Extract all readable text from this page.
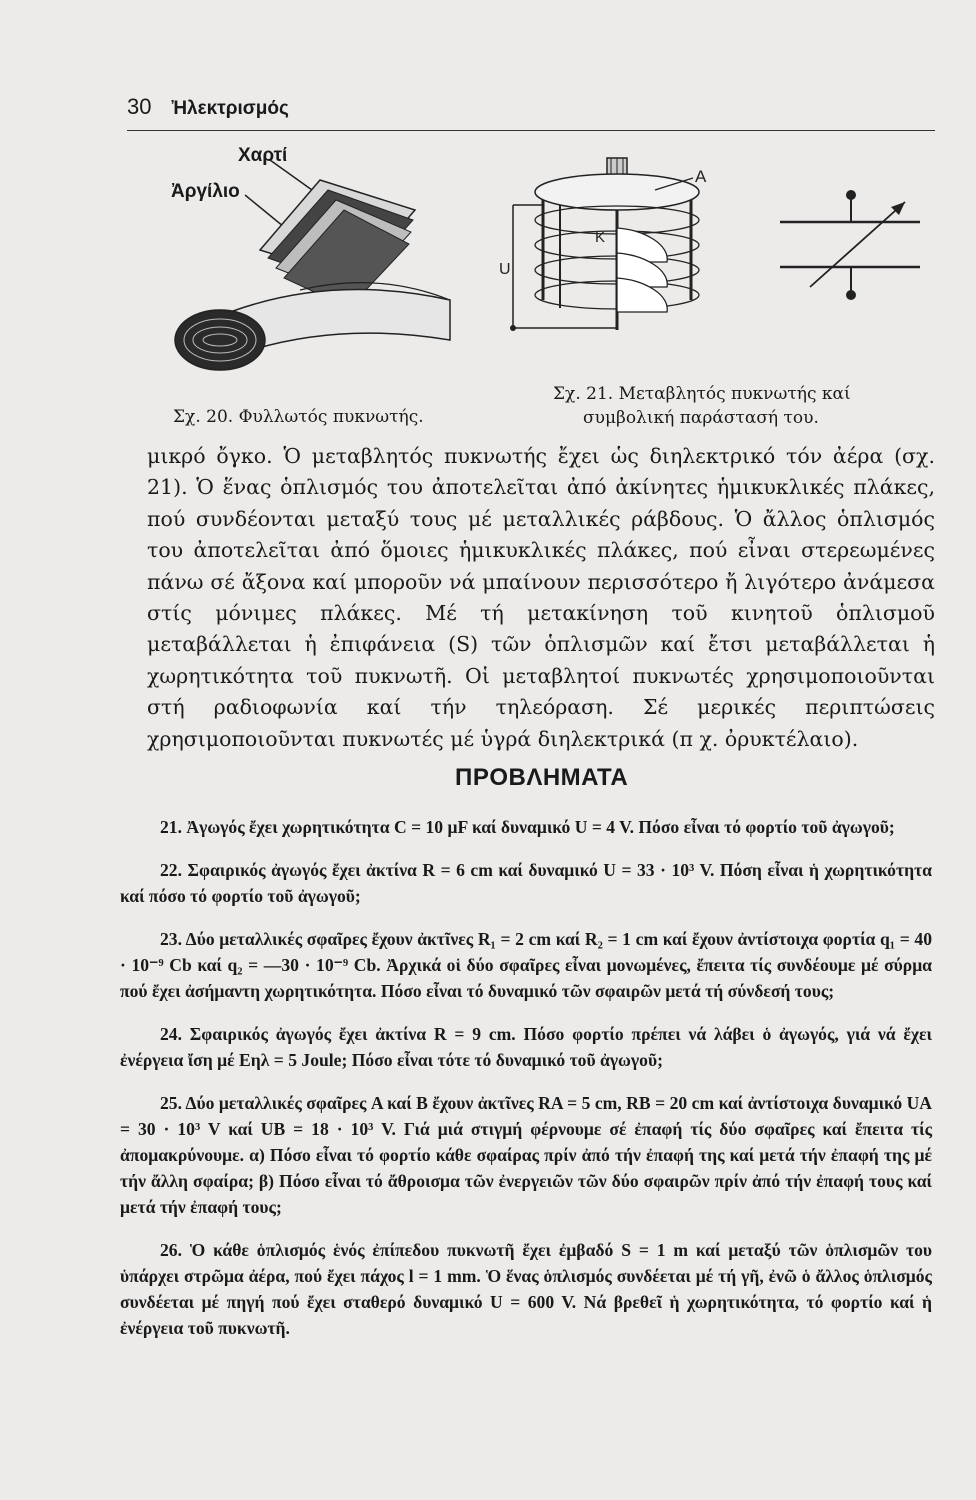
30 Ἠλεκτρισμός
Χαρτί
Ἀργίλιο
Σχ. 20. Φυλλωτός πυκνωτής.
A
K
U
Σχ. 21. Μεταβλητός πυκνωτής καί
συμβολική παράστασή του.

μικρό ὄγκο. Ὁ μεταβλητός πυκνωτής ἔχει ὡς διηλεκτρικό τόν ἀέρα (σχ. 21). Ὁ ἕνας ὁπλισμός του ἀποτελεῖται ἀπό ἀκίνητες ἡμικυκλικές πλάκες, πού συνδέονται μεταξύ τους μέ μεταλλικές ράβδους. Ὁ ἄλλος ὁπλισμός του ἀποτελεῖται ἀπό ὅμοιες ἡμικυκλικές πλάκες, πού εἶναι στερεωμένες πάνω σέ ἄξονα καί μποροῦν νά μπαίνουν περισσότερο ἤ λιγότερο ἀνάμεσα στίς μόνιμες πλάκες. Μέ τή μετακίνηση τοῦ κινητοῦ ὁπλισμοῦ μεταβάλλεται ἡ ἐπιφάνεια (S) τῶν ὁπλισμῶν καί ἔτσι μεταβάλλεται ἡ χωρητικότητα τοῦ πυκνωτῆ. Οἱ μεταβλητοί πυκνωτές χρησιμοποιοῦνται στή ραδιοφωνία καί τήν τηλεόραση. Σέ μερικές περιπτώσεις χρησιμοποιοῦνται πυκνωτές μέ ὑγρά διηλεκτρικά (π χ. ὀρυκτέλαιο).

ΠΡΟΒΛΗΜΑΤΑ

21. Ἀγωγός ἔχει χωρητικότητα C = 10 μF καί δυναμικό U = 4 V. Πόσο εἶναι τό φορτίο τοῦ ἀγωγοῦ;

22. Σφαιρικός ἀγωγός ἔχει ἀκτίνα R = 6 cm καί δυναμικό U = 33 · 10³ V. Πόση εἶναι ἡ χωρητικότητα καί πόσο τό φορτίο τοῦ ἀγωγοῦ;

23. Δύο μεταλλικές σφαῖρες ἔχουν ἀκτῖνες R₁ = 2 cm καί R₂ = 1 cm καί ἔχουν ἀντίστοιχα φορτία q₁ = 40 · 10⁻⁹ Cb καί q₂ = —30 · 10⁻⁹ Cb. Ἀρχικά οἱ δύο σφαῖρες εἶναι μονωμένες, ἔπειτα τίς συνδέουμε μέ σύρμα πού ἔχει ἀσήμαντη χωρητικότητα. Πόσο εἶναι τό δυναμικό τῶν σφαιρῶν μετά τή σύνδεσή τους;

24. Σφαιρικός ἀγωγός ἔχει ἀκτίνα R = 9 cm. Πόσο φορτίο πρέπει νά λάβει ὁ ἀγωγός, γιά νά ἔχει ἐνέργεια ἴση μέ Eηλ = 5 Joule; Πόσο εἶναι τότε τό δυναμικό τοῦ ἀγωγοῦ;

25. Δύο μεταλλικές σφαῖρες A καί B ἔχουν ἀκτῖνες RA = 5 cm, RB = 20 cm καί ἀντίστοιχα δυναμικό UA = 30 · 10³ V καί UB = 18 · 10³ V. Γιά μιά στιγμή φέρνουμε σέ ἐπαφή τίς δύο σφαῖρες καί ἔπειτα τίς ἀπομακρύνουμε. α) Πόσο εἶναι τό φορτίο κάθε σφαίρας πρίν ἀπό τήν ἐπαφή της καί μετά τήν ἐπαφή της μέ τήν ἄλλη σφαίρα; β) Πόσο εἶναι τό ἄθροισμα τῶν ἐνεργειῶν τῶν δύο σφαιρῶν πρίν ἀπό τήν ἐπαφή τους καί μετά τήν ἐπαφή τους;

26. Ὁ κάθε ὁπλισμός ἑνός ἐπίπεδου πυκνωτῆ ἔχει ἐμβαδό S = 1 m καί μεταξύ τῶν ὁπλισμῶν του ὑπάρχει στρῶμα ἀέρα, πού ἔχει πάχος l = 1 mm. Ὁ ἕνας ὁπλισμός συνδέεται μέ τή γῆ, ἐνῶ ὁ ἄλλος ὁπλισμός συνδέεται μέ πηγή πού ἔχει σταθερό δυναμικό U = 600 V. Νά βρεθεῖ ἡ χωρητικότητα, τό φορτίο καί ἡ ἐνέργεια τοῦ πυκνωτῆ.
